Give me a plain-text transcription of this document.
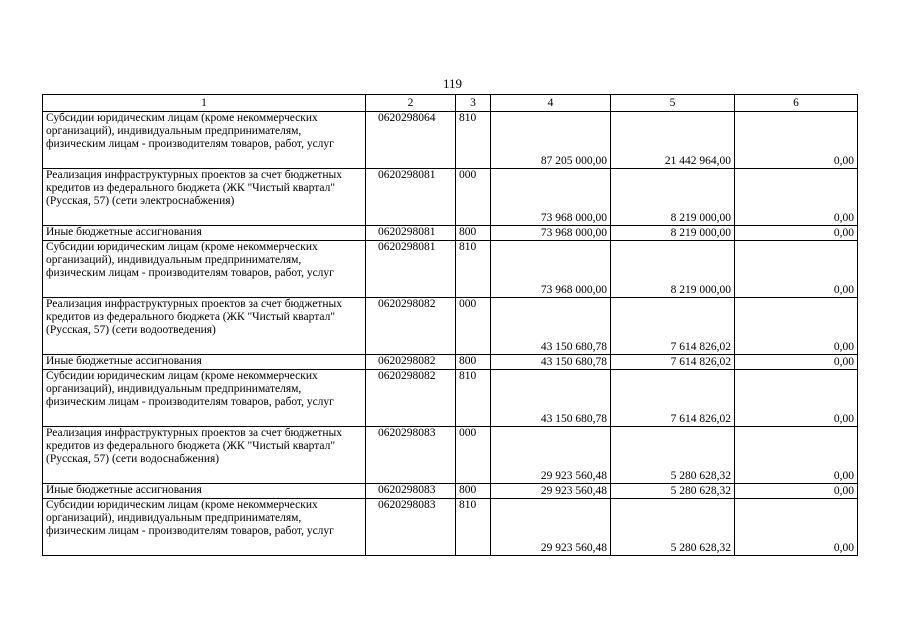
119
1	2	3	4	5	6
Субсидии юридическим лицам (кроме некоммерческих организаций), индивидуальным предпринимателям, физическим лицам - производителям товаров, работ, услуг	0620298064	810	87 205 000,00	21 442 964,00	0,00
Реализация инфраструктурных проектов за счет бюджетных кредитов из федерального бюджета (ЖК "Чистый квартал" (Русская, 57) (сети электроснабжения)	0620298081	000	73 968 000,00	8 219 000,00	0,00
Иные бюджетные ассигнования	0620298081	800	73 968 000,00	8 219 000,00	0,00
Субсидии юридическим лицам (кроме некоммерческих организаций), индивидуальным предпринимателям, физическим лицам - производителям товаров, работ, услуг	0620298081	810	73 968 000,00	8 219 000,00	0,00
Реализация инфраструктурных проектов за счет бюджетных кредитов из федерального бюджета (ЖК "Чистый квартал" (Русская, 57) (сети водоотведения)	0620298082	000	43 150 680,78	7 614 826,02	0,00
Иные бюджетные ассигнования	0620298082	800	43 150 680,78	7 614 826,02	0,00
Субсидии юридическим лицам (кроме некоммерческих организаций), индивидуальным предпринимателям, физическим лицам - производителям товаров, работ, услуг	0620298082	810	43 150 680,78	7 614 826,02	0,00
Реализация инфраструктурных проектов за счет бюджетных кредитов из федерального бюджета (ЖК "Чистый квартал" (Русская, 57) (сети водоснабжения)	0620298083	000	29 923 560,48	5 280 628,32	0,00
Иные бюджетные ассигнования	0620298083	800	29 923 560,48	5 280 628,32	0,00
Субсидии юридическим лицам (кроме некоммерческих организаций), индивидуальным предпринимателям, физическим лицам - производителям товаров, работ, услуг	0620298083	810	29 923 560,48	5 280 628,32	0,00
